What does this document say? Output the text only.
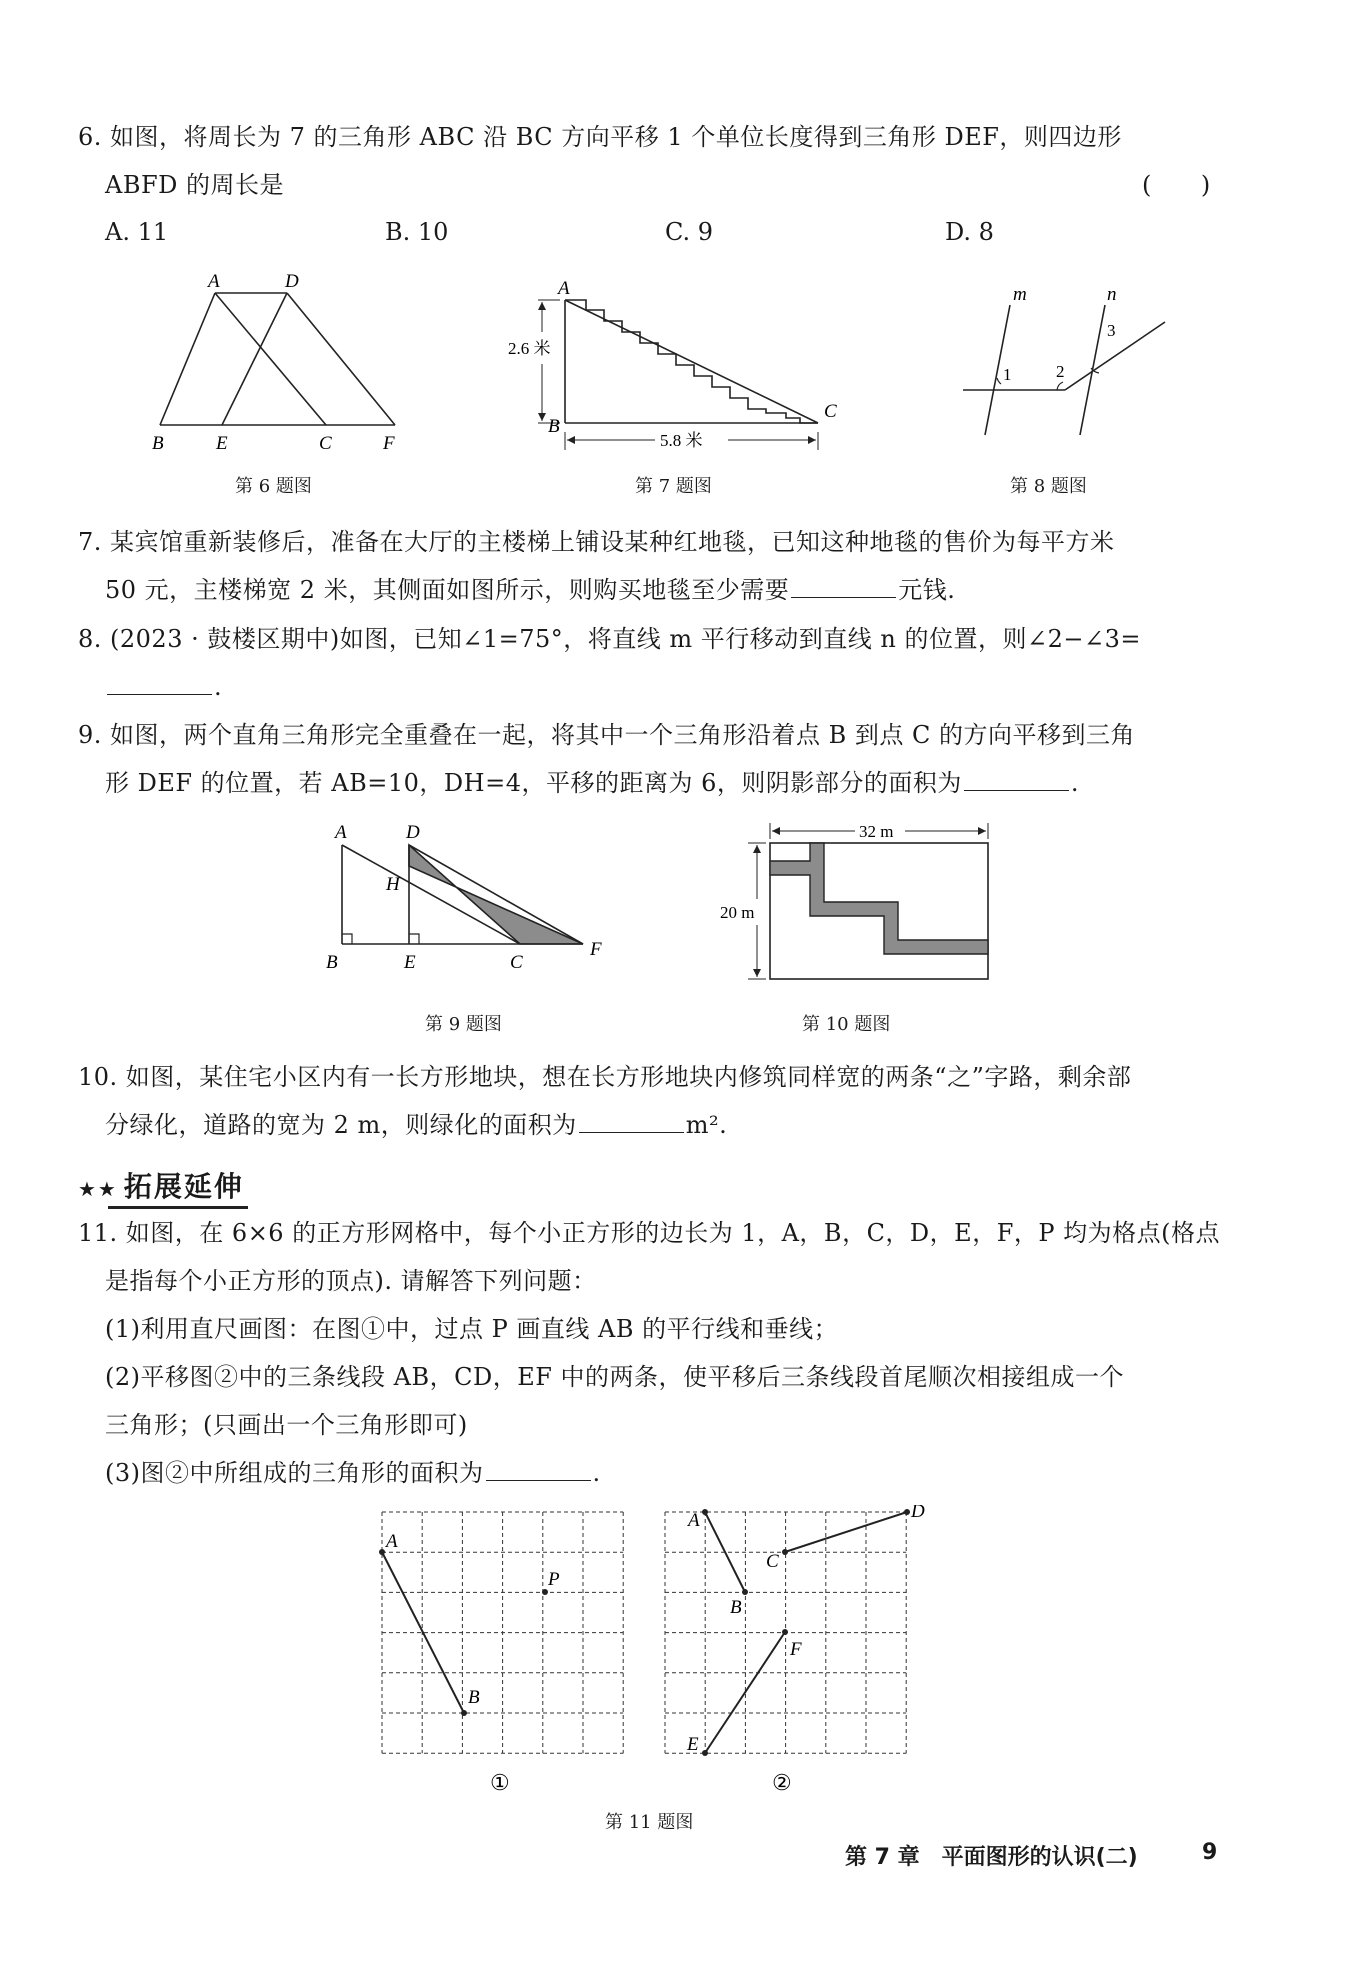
6. 如图，将周长为 7 的三角形 ABC 沿 BC 方向平移 1 个单位长度得到三角形 DEF，则四边形
ABFD 的周长是	(　　)
A. 11	B. 10	C. 9	D. 8
A	D
B	E	C	F
第 6 题图
A
B
C
2.6 米
5.8 米
第 7 题图
m	n
1	2
3
第 8 题图
7. 某宾馆重新装修后，准备在大厅的主楼梯上铺设某种红地毯，已知这种地毯的售价为每平方米
50 元，主楼梯宽 2 米，其侧面如图所示，则购买地毯至少需要	元钱.
8. (2023 · 鼓楼区期中)如图，已知∠1=75°，将直线 m 平行移动到直线 n 的位置，则∠2−∠3=
.
9. 如图，两个直角三角形完全重叠在一起，将其中一个三角形沿着点 B 到点 C 的方向平移到三角
形 DEF 的位置，若 AB=10，DH=4，平移的距离为 6，则阴影部分的面积为	.
A	D
H
B	E	C
F
第 9 题图
32 m
20 m
第 10 题图
10. 如图，某住宅小区内有一长方形地块，想在长方形地块内修筑同样宽的两条“之”字路，剩余部
分绿化，道路的宽为 2 m，则绿化的面积为	m².
★★ 拓展延伸
11. 如图，在 6×6 的正方形网格中，每个小正方形的边长为 1，A，B，C，D，E，F，P 均为格点(格点
是指每个小正方形的顶点). 请解答下列问题：
(1)利用直尺画图：在图①中，过点 P 画直线 AB 的平行线和垂线；
(2)平移图②中的三条线段 AB，CD，EF 中的两条，使平移后三条线段首尾顺次相接组成一个
三角形；(只画出一个三角形即可)
(3)图②中所组成的三角形的面积为	.
A
P
B
A	D
C
B
F
E
①	②
第 11 题图
第 7 章　平面图形的认识(二)	9
